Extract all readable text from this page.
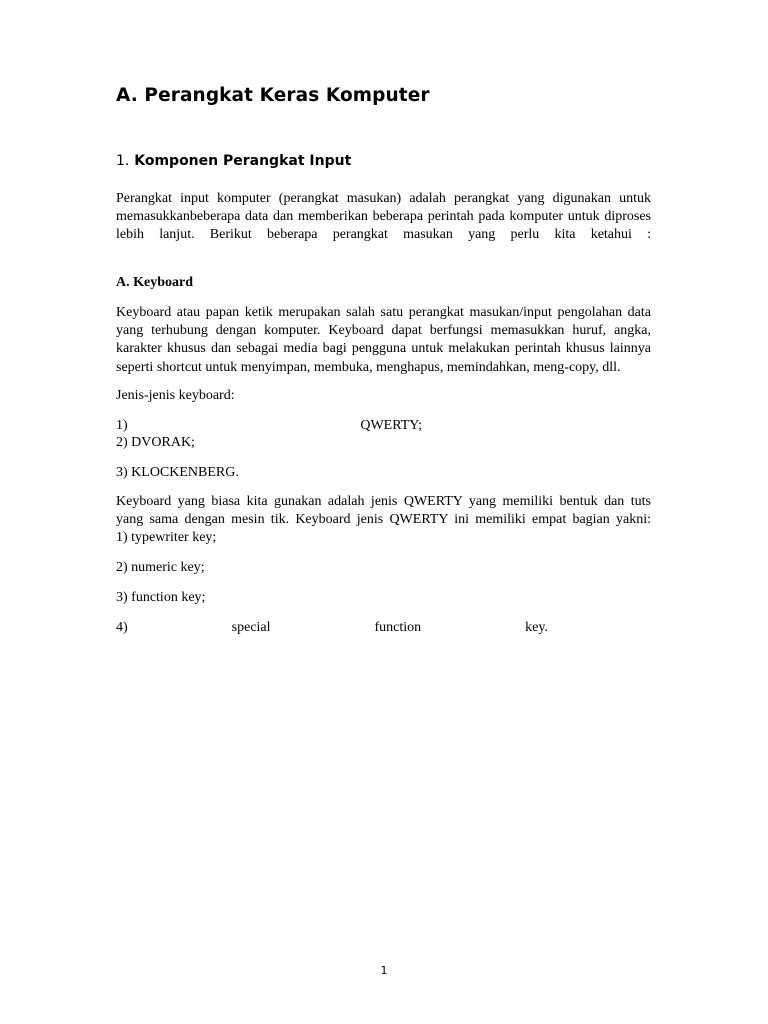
A. Perangkat Keras Komputer
1. Komponen Perangkat Input
Perangkat input komputer (perangkat masukan) adalah perangkat yang digunakan untuk
memasukkanbeberapa data dan memberikan beberapa perintah pada komputer untuk diproses
lebih lanjut. Berikut beberapa perangkat masukan yang perlu kita ketahui :
A. Keyboard
Keyboard atau papan ketik merupakan salah satu perangkat masukan/input pengolahan data
yang terhubung dengan komputer. Keyboard dapat berfungsi memasukkan huruf, angka,
karakter khusus dan sebagai media bagi pengguna untuk melakukan perintah khusus lainnya
seperti shortcut untuk menyimpan, membuka, menghapus, memindahkan, meng-copy, dll.
Jenis-jenis keyboard:
1)	QWERTY;
2) DVORAK;
3) KLOCKENBERG.
Keyboard yang biasa kita gunakan adalah jenis QWERTY yang memiliki bentuk dan tuts
yang sama dengan mesin tik. Keyboard jenis QWERTY ini memiliki empat bagian yakni:
1) typewriter key;
2) numeric key;
3) function key;
4)	special	function	key.
1
